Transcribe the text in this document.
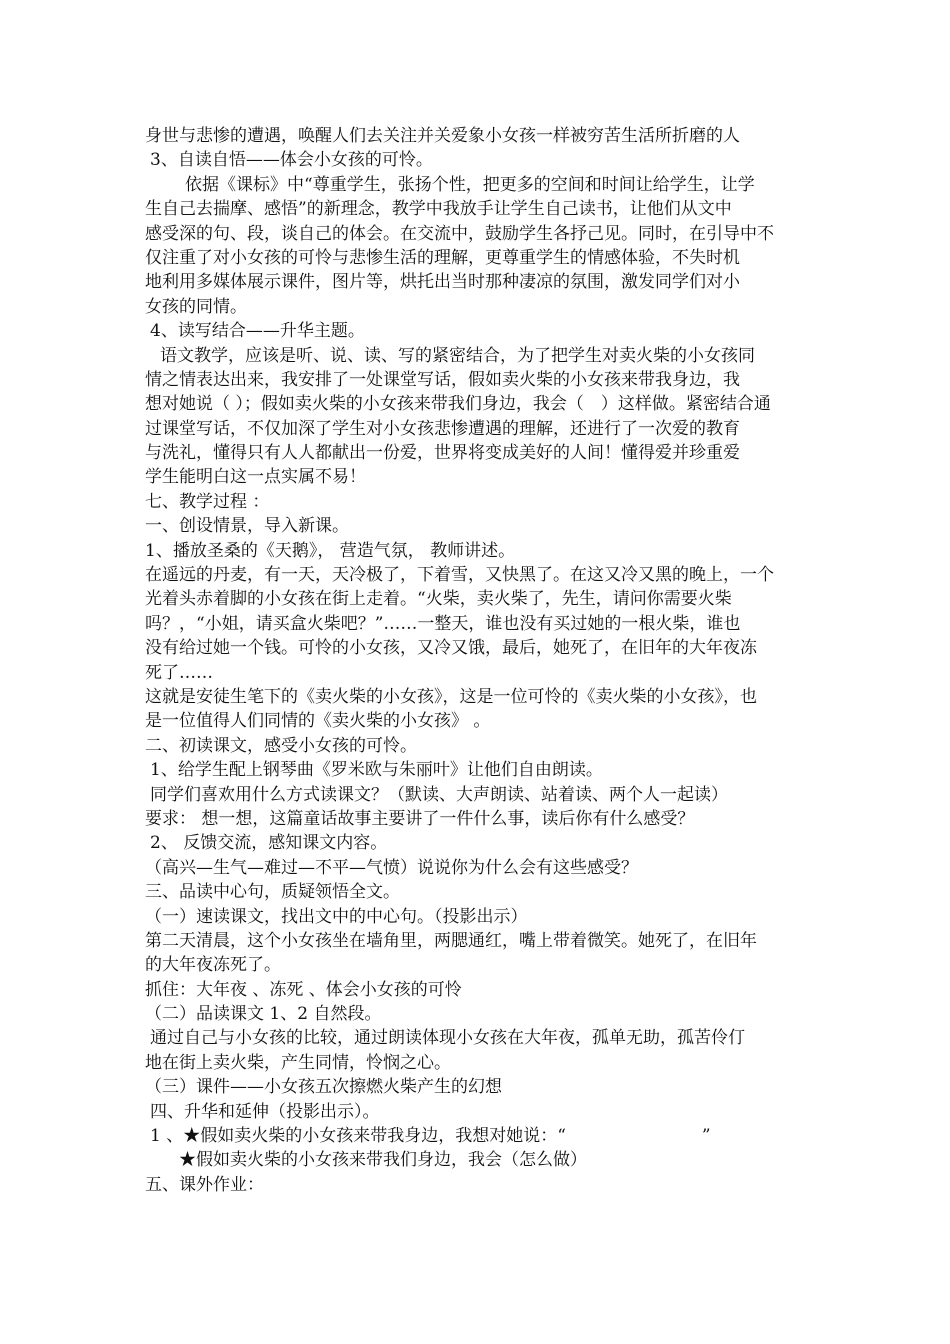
身世与悲惨的遭遇，唤醒人们去关注并关爱象小女孩一样被穷苦生活所折磨的人
3、自读自悟——体会小女孩的可怜。
依据《课标》中“尊重学生，张扬个性，把更多的空间和时间让给学生，让学
生自己去揣摩、感悟”的新理念，教学中我放手让学生自己读书，让他们从文中
感受深的句、段，谈自己的体会。在交流中，鼓励学生各抒己见。同时，在引导中不
仅注重了对小女孩的可怜与悲惨生活的理解，更尊重学生的情感体验，不失时机
地利用多媒体展示课件，图片等，烘托出当时那种凄凉的氛围，激发同学们对小
女孩的同情。
4、读写结合——升华主题。
语文教学，应该是听、说、读、写的紧密结合，为了把学生对卖火柴的小女孩同
情之情表达出来，我安排了一处课堂写话，假如卖火柴的小女孩来带我身边，我
想对她说（ ）；假如卖火柴的小女孩来带我们身边，我会（　）这样做。紧密结合通
过课堂写话，不仅加深了学生对小女孩悲惨遭遇的理解，还进行了一次爱的教育
与洗礼，懂得只有人人都献出一份爱，世界将变成美好的人间！懂得爱并珍重爱
学生能明白这一点实属不易！
七、教学过程 ：
一、创设情景，导入新课。
1、播放圣桑的《天鹅》， 营造气氛， 教师讲述。
在遥远的丹麦，有一天，天冷极了，下着雪，又快黑了。在这又冷又黑的晚上，一个
光着头赤着脚的小女孩在街上走着。“火柴，卖火柴了，先生，请问你需要火柴
吗？，“小姐，请买盒火柴吧？”……一整天，谁也没有买过她的一根火柴，谁也
没有给过她一个钱。可怜的小女孩，又冷又饿，最后，她死了，在旧年的大年夜冻
死了……
这就是安徒生笔下的《卖火柴的小女孩》，这是一位可怜的《卖火柴的小女孩》，也
是一位值得人们同情的《卖火柴的小女孩》 。
二、初读课文，感受小女孩的可怜。
1、给学生配上钢琴曲《罗米欧与朱丽叶》让他们自由朗读。
同学们喜欢用什么方式读课文？（默读、大声朗读、站着读、两个人一起读）
要求： 想一想，这篇童话故事主要讲了一件什么事，读后你有什么感受？
2、 反馈交流，感知课文内容。
（高兴—生气—难过—不平—气愤）说说你为什么会有这些感受？
三、品读中心句，质疑领悟全文。
（一）速读课文，找出文中的中心句。（投影出示）
第二天清晨，这个小女孩坐在墙角里，两腮通红，嘴上带着微笑。她死了，在旧年
的大年夜冻死了。
抓住：大年夜 、冻死 、体会小女孩的可怜
（二）品读课文 1、2 自然段。
通过自己与小女孩的比较，通过朗读体现小女孩在大年夜，孤单无助，孤苦伶仃
地在街上卖火柴，产生同情，怜悯之心。
（三）课件——小女孩五次擦燃火柴产生的幻想
四、升华和延伸（投影出示）。
1 、★假如卖火柴的小女孩来带我身边，我想对她说：“　　　　　　　　”
★假如卖火柴的小女孩来带我们身边，我会（怎么做）
五、课外作业：
